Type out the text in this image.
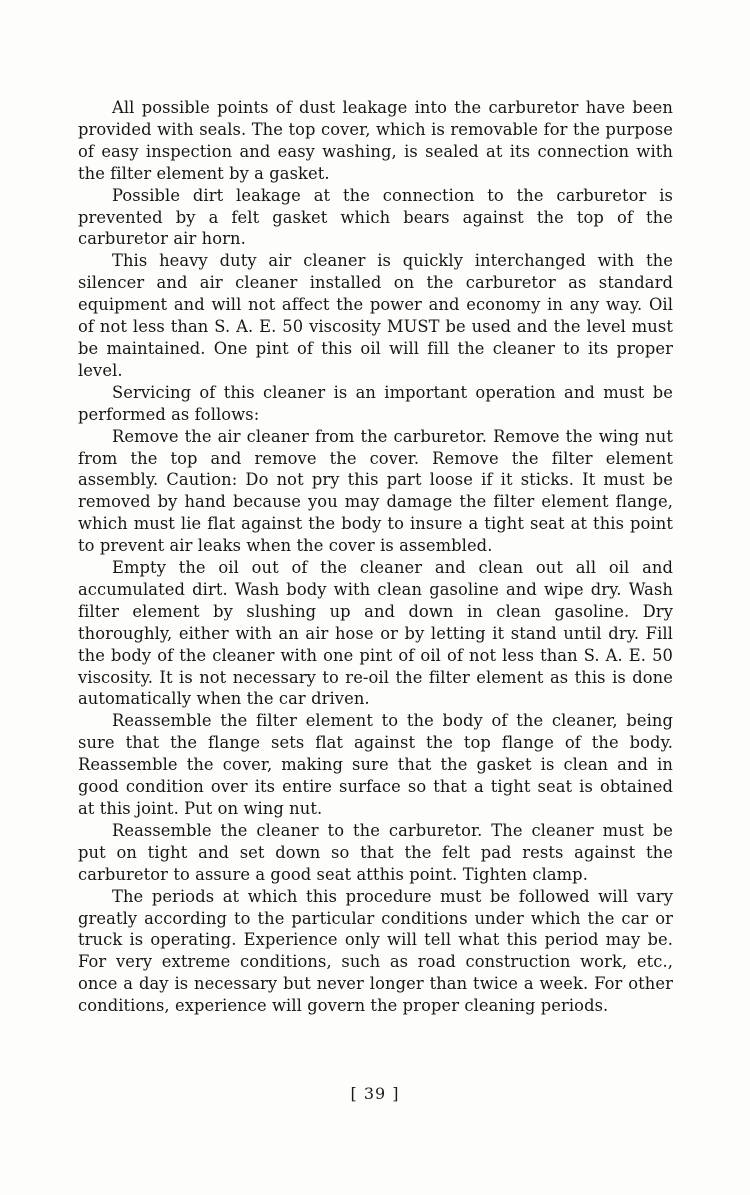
All possible points of dust leakage into the carburetor have been provided with seals. The top cover, which is removable for the purpose of easy inspection and easy washing, is sealed at its connection with the filter element by a gasket.

Possible dirt leakage at the connection to the carburetor is prevented by a felt gasket which bears against the top of the carburetor air horn.

This heavy duty air cleaner is quickly interchanged with the silencer and air cleaner installed on the carburetor as standard equipment and will not affect the power and economy in any way. Oil of not less than S. A. E. 50 viscosity MUST be used and the level must be maintained. One pint of this oil will fill the cleaner to its proper level.

Servicing of this cleaner is an important operation and must be performed as follows:

Remove the air cleaner from the carburetor. Remove the wing nut from the top and remove the cover. Remove the filter element assembly. Caution: Do not pry this part loose if it sticks. It must be removed by hand because you may damage the filter element flange, which must lie flat against the body to insure a tight seat at this point to prevent air leaks when the cover is assembled.

Empty the oil out of the cleaner and clean out all oil and accumulated dirt. Wash body with clean gasoline and wipe dry. Wash filter element by slushing up and down in clean gasoline. Dry thoroughly, either with an air hose or by letting it stand until dry. Fill the body of the cleaner with one pint of oil of not less than S. A. E. 50 viscosity. It is not necessary to re-oil the filter element as this is done automatically when the car driven.

Reassemble the filter element to the body of the cleaner, being sure that the flange sets flat against the top flange of the body. Reassemble the cover, making sure that the gasket is clean and in good condition over its entire surface so that a tight seat is obtained at this joint. Put on wing nut.

Reassemble the cleaner to the carburetor. The cleaner must be put on tight and set down so that the felt pad rests against the carburetor to assure a good seat atthis point. Tighten clamp.

The periods at which this procedure must be followed will vary greatly according to the particular conditions under which the car or truck is operating. Experience only will tell what this period may be. For very extreme conditions, such as road construction work, etc., once a day is necessary but never longer than twice a week. For other conditions, experience will govern the proper cleaning periods.

[ 39 ]
